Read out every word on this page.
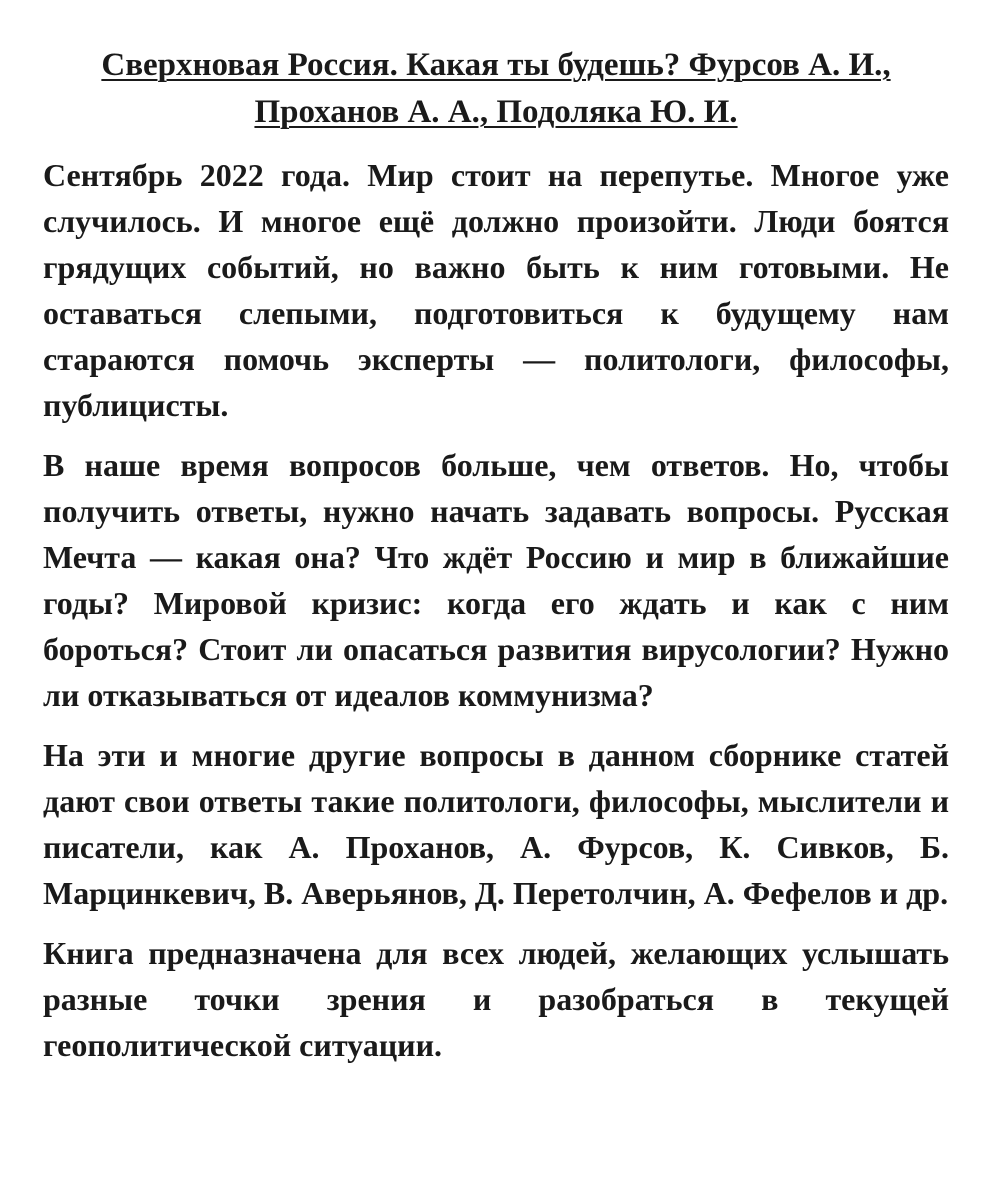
Сверхновая Россия. Какая ты будешь? Фурсов А. И., Проханов А. А., Подоляка Ю. И.

Сентябрь 2022 года. Мир стоит на перепутье. Многое уже случилось. И многое ещё должно произойти. Люди боятся грядущих событий, но важно быть к ним готовыми. Не оставаться слепыми, подготовиться к будущему нам стараются помочь эксперты — политологи, философы, публицисты.

В наше время вопросов больше, чем ответов. Но, чтобы получить ответы, нужно начать задавать вопросы. Русская Мечта — какая она? Что ждёт Россию и мир в ближайшие годы? Мировой кризис: когда его ждать и как с ним бороться? Стоит ли опасаться развития вирусологии? Нужно ли отказываться от идеалов коммунизма?

На эти и многие другие вопросы в данном сборнике статей дают свои ответы такие политологи, философы, мыслители и писатели, как А. Проханов, А. Фурсов, К. Сивков, Б. Марцинкевич, В. Аверьянов, Д. Перетолчин, А. Фефелов и др.

Книга предназначена для всех людей, желающих услышать разные точки зрения и разобраться в текущей геополитической ситуации.
